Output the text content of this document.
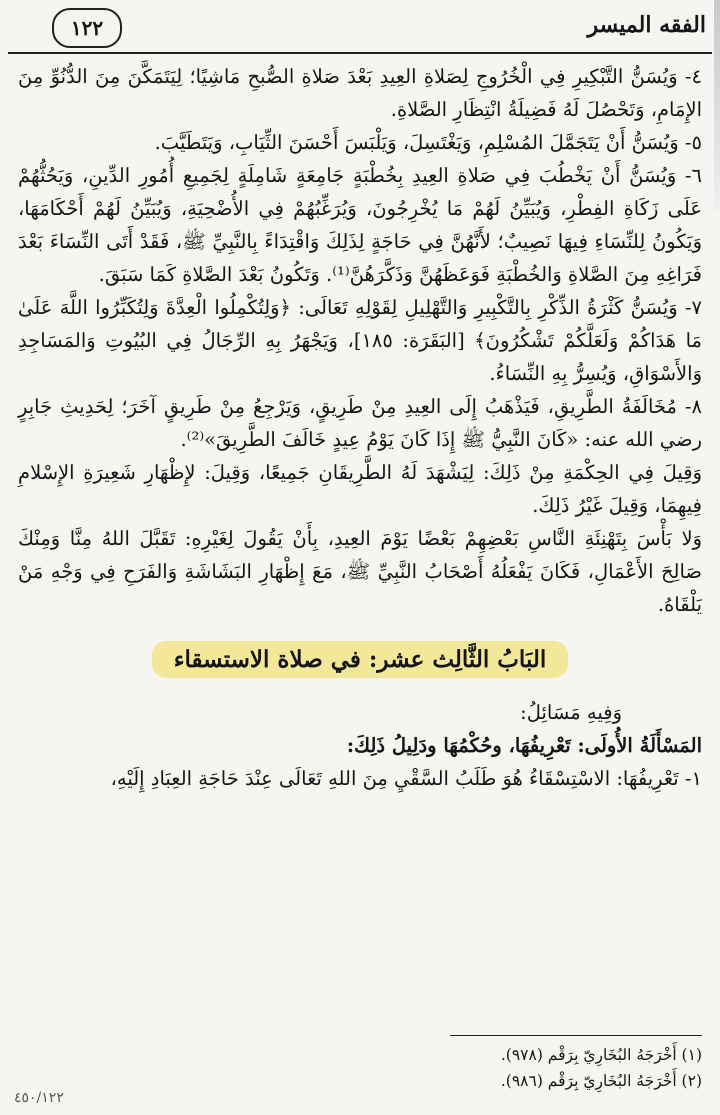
الفقه الميسر
١٢٢

٤- وَيُسَنُّ التَّبْكِيرِ فِي الْخُرُوجِ لِصَلاةِ العِيدِ بَعْدَ صَلاةِ الصُّبحِ مَاشِيًا؛ لِيَتَمَكَّنَ مِنَ الدُّنُوِّ مِنَ الإِمَامِ، وَتَحْصُلَ لَهُ فَضِيلَةُ انْتِظَارِ الصَّلاةِ.

٥- وَيُسَنُّ أَنْ يَتَجَمَّلَ المُسْلِمِ، وَيَغْتَسِلَ، وَيَلْبَسَ أَحْسَنَ الثِّيَابِ، وَيَتَطَيَّبَ.

٦- وَيُسَنُّ أَنْ يَخْطُبَ فِي صَلاةِ العِيدِ بِخُطْبَةٍ جَامِعَةٍ شَامِلَةٍ لِجَمِيعِ أُمُورِ الدِّينِ، وَيَحُثُّهُمْ عَلَى زَكَاةِ الفِطْرِ، وَيُبَيِّنُ لَهُمْ مَا يُخْرِجُونَ، وَيُرَغِّبُهُمْ فِي الأُضْحِيَةِ، وَيُبَيِّنُ لَهُمْ أَحْكَامَهَا، وَيَكُونُ لِلنِّسَاءِ فِيهَا نَصِيبٌ؛ لأَنَّهُنَّ فِي حَاجَةٍ لِذَلِكَ وَاقْتِدَاءً بِالنَّبِيِّ ﷺ، فَقَدْ أَتَى النِّسَاءَ بَعْدَ فَرَاغِهِ مِنَ الصَّلاةِ وَالخُطْبَةِ فَوَعَظَهُنَّ وَذَكَّرَهُنَّ⁽¹⁾. وَتَكُونُ بَعْدَ الصَّلاةِ كَمَا سَبَقَ.

٧- وَيُسَنُّ كَثْرَةُ الذِّكْرِ بِالتَّكْبِيرِ وَالتَّهْلِيلِ لِقَوْلِهِ تَعَالَى: ﴿وَلِتُكْمِلُوا الْعِدَّةَ وَلِتُكَبِّرُوا اللَّهَ عَلَىٰ مَا هَدَاكُمْ وَلَعَلَّكُمْ تَشْكُرُونَ﴾ [البَقَرَة: ١٨٥]، وَيَجْهَرُ بِهِ الرِّجَالُ فِي البُيُوتِ وَالمَسَاجِدِ وَالأَسْوَاقِ، وَيُسِرُّ بِهِ النِّسَاءُ.

٨- مُخَالَفَةُ الطَّرِيقِ، فَيَذْهَبُ إِلَى العِيدِ مِنْ طَرِيقٍ، وَيَرْجِعُ مِنْ طَرِيقٍ آخَرَ؛ لِحَدِيثِ جَابِرٍ رضي الله عنه: «كَانَ النَّبِيُّ ﷺ إِذَا كَانَ يَوْمُ عِيدٍ خَالَفَ الطَّرِيقَ»⁽²⁾.

وَقِيلَ فِي الحِكْمَةِ مِنْ ذَلِكَ: لِيَشْهَدَ لَهُ الطَّرِيقَانِ جَمِيعًا، وَقِيلَ: لإِظْهَارِ شَعِيرَةِ الإِسْلامِ فِيهِمَا، وَقِيلَ غَيْرُ ذَلِكَ.

وَلا بَأْسَ بِتَهْنِئَةِ النَّاسِ بَعْضِهِمْ بَعْضًا يَوْمَ العِيدِ، بِأَنْ يَقُولَ لِغَيْرِهِ: تَقَبَّلَ اللهُ مِنَّا وَمِنْكَ صَالِحَ الأَعْمَالِ، فَكَانَ يَفْعَلُهُ أَصْحَابُ النَّبِيِّ ﷺ، مَعَ إِظْهَارِ البَشَاشَةِ وَالفَرَحِ فِي وَجْهِ مَنْ يَلْقَاهُ.

البَابُ الثَّالِث عشر: في صلاة الاستسقاء

وَفِيهِ مَسَائِلُ:

المَسْأَلَةُ الأُولَى: تَعْرِيفُهَا، وحُكْمُهَا ودَلِيلُ ذَلِكَ:

١- تَعْرِيفُهَا: الاسْتِسْقَاءُ هُوَ طَلَبُ السَّقْيِ مِنَ اللهِ تَعَالَى عِنْدَ حَاجَةِ العِبَادِ إِلَيْهِ،

(١) أَخْرَجَهُ البُخَارِيّ بِرَقْم (٩٧٨).
(٢) أَخْرَجَهُ البُخَارِيّ بِرَقْم (٩٨٦).
٤٥٠/١٢٢
